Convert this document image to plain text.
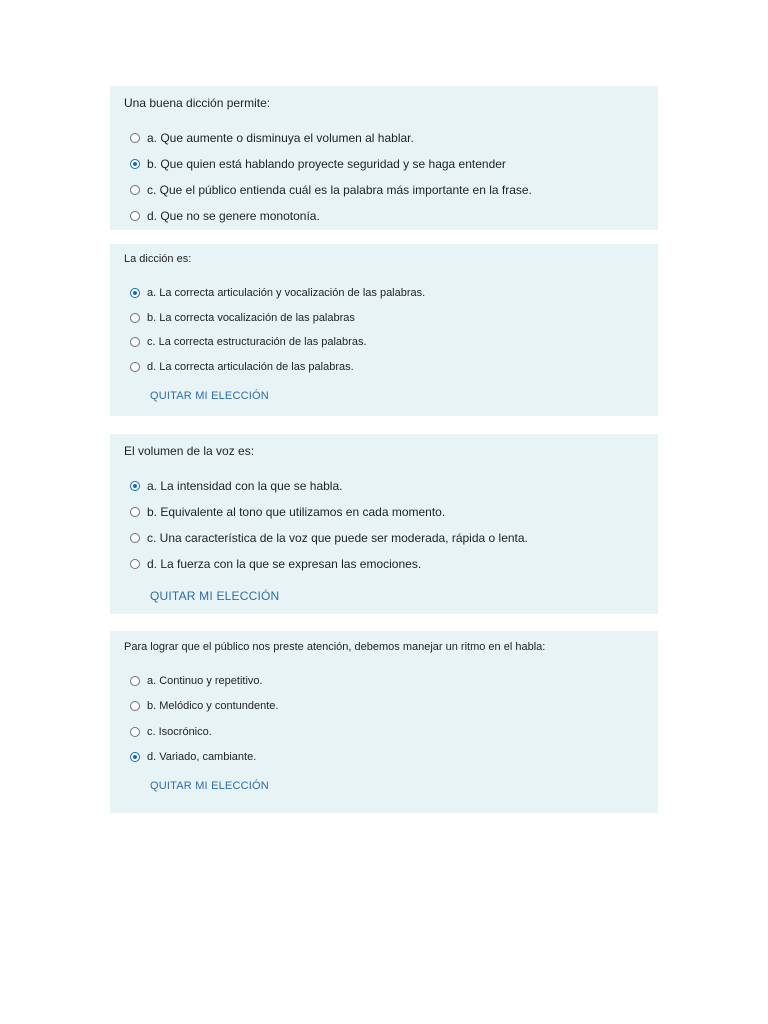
Una buena dicción permite:
a. Que aumente o disminuya el volumen al hablar.
b. Que quien está hablando proyecte seguridad y se haga entender
c. Que el público entienda cuál es la palabra más importante en la frase.
d. Que no se genere monotonía.
La dicción es:
a. La correcta articulación y vocalización de las palabras.
b. La correcta vocalización de las palabras
c. La correcta estructuración de las palabras.
d. La correcta articulación de las palabras.
QUITAR MI ELECCIÓN
El volumen de la voz es:
a. La intensidad con la que se habla.
b. Equivalente al tono que utilizamos en cada momento.
c. Una característica de la voz que puede ser moderada, rápida o lenta.
d. La fuerza con la que se expresan las emociones.
QUITAR MI ELECCIÓN
Para lograr que el público nos preste atención, debemos manejar un ritmo en el habla:
a. Continuo y repetitivo.
b. Melódico y contundente.
c. Isocrónico.
d. Variado, cambiante.
QUITAR MI ELECCIÓN
